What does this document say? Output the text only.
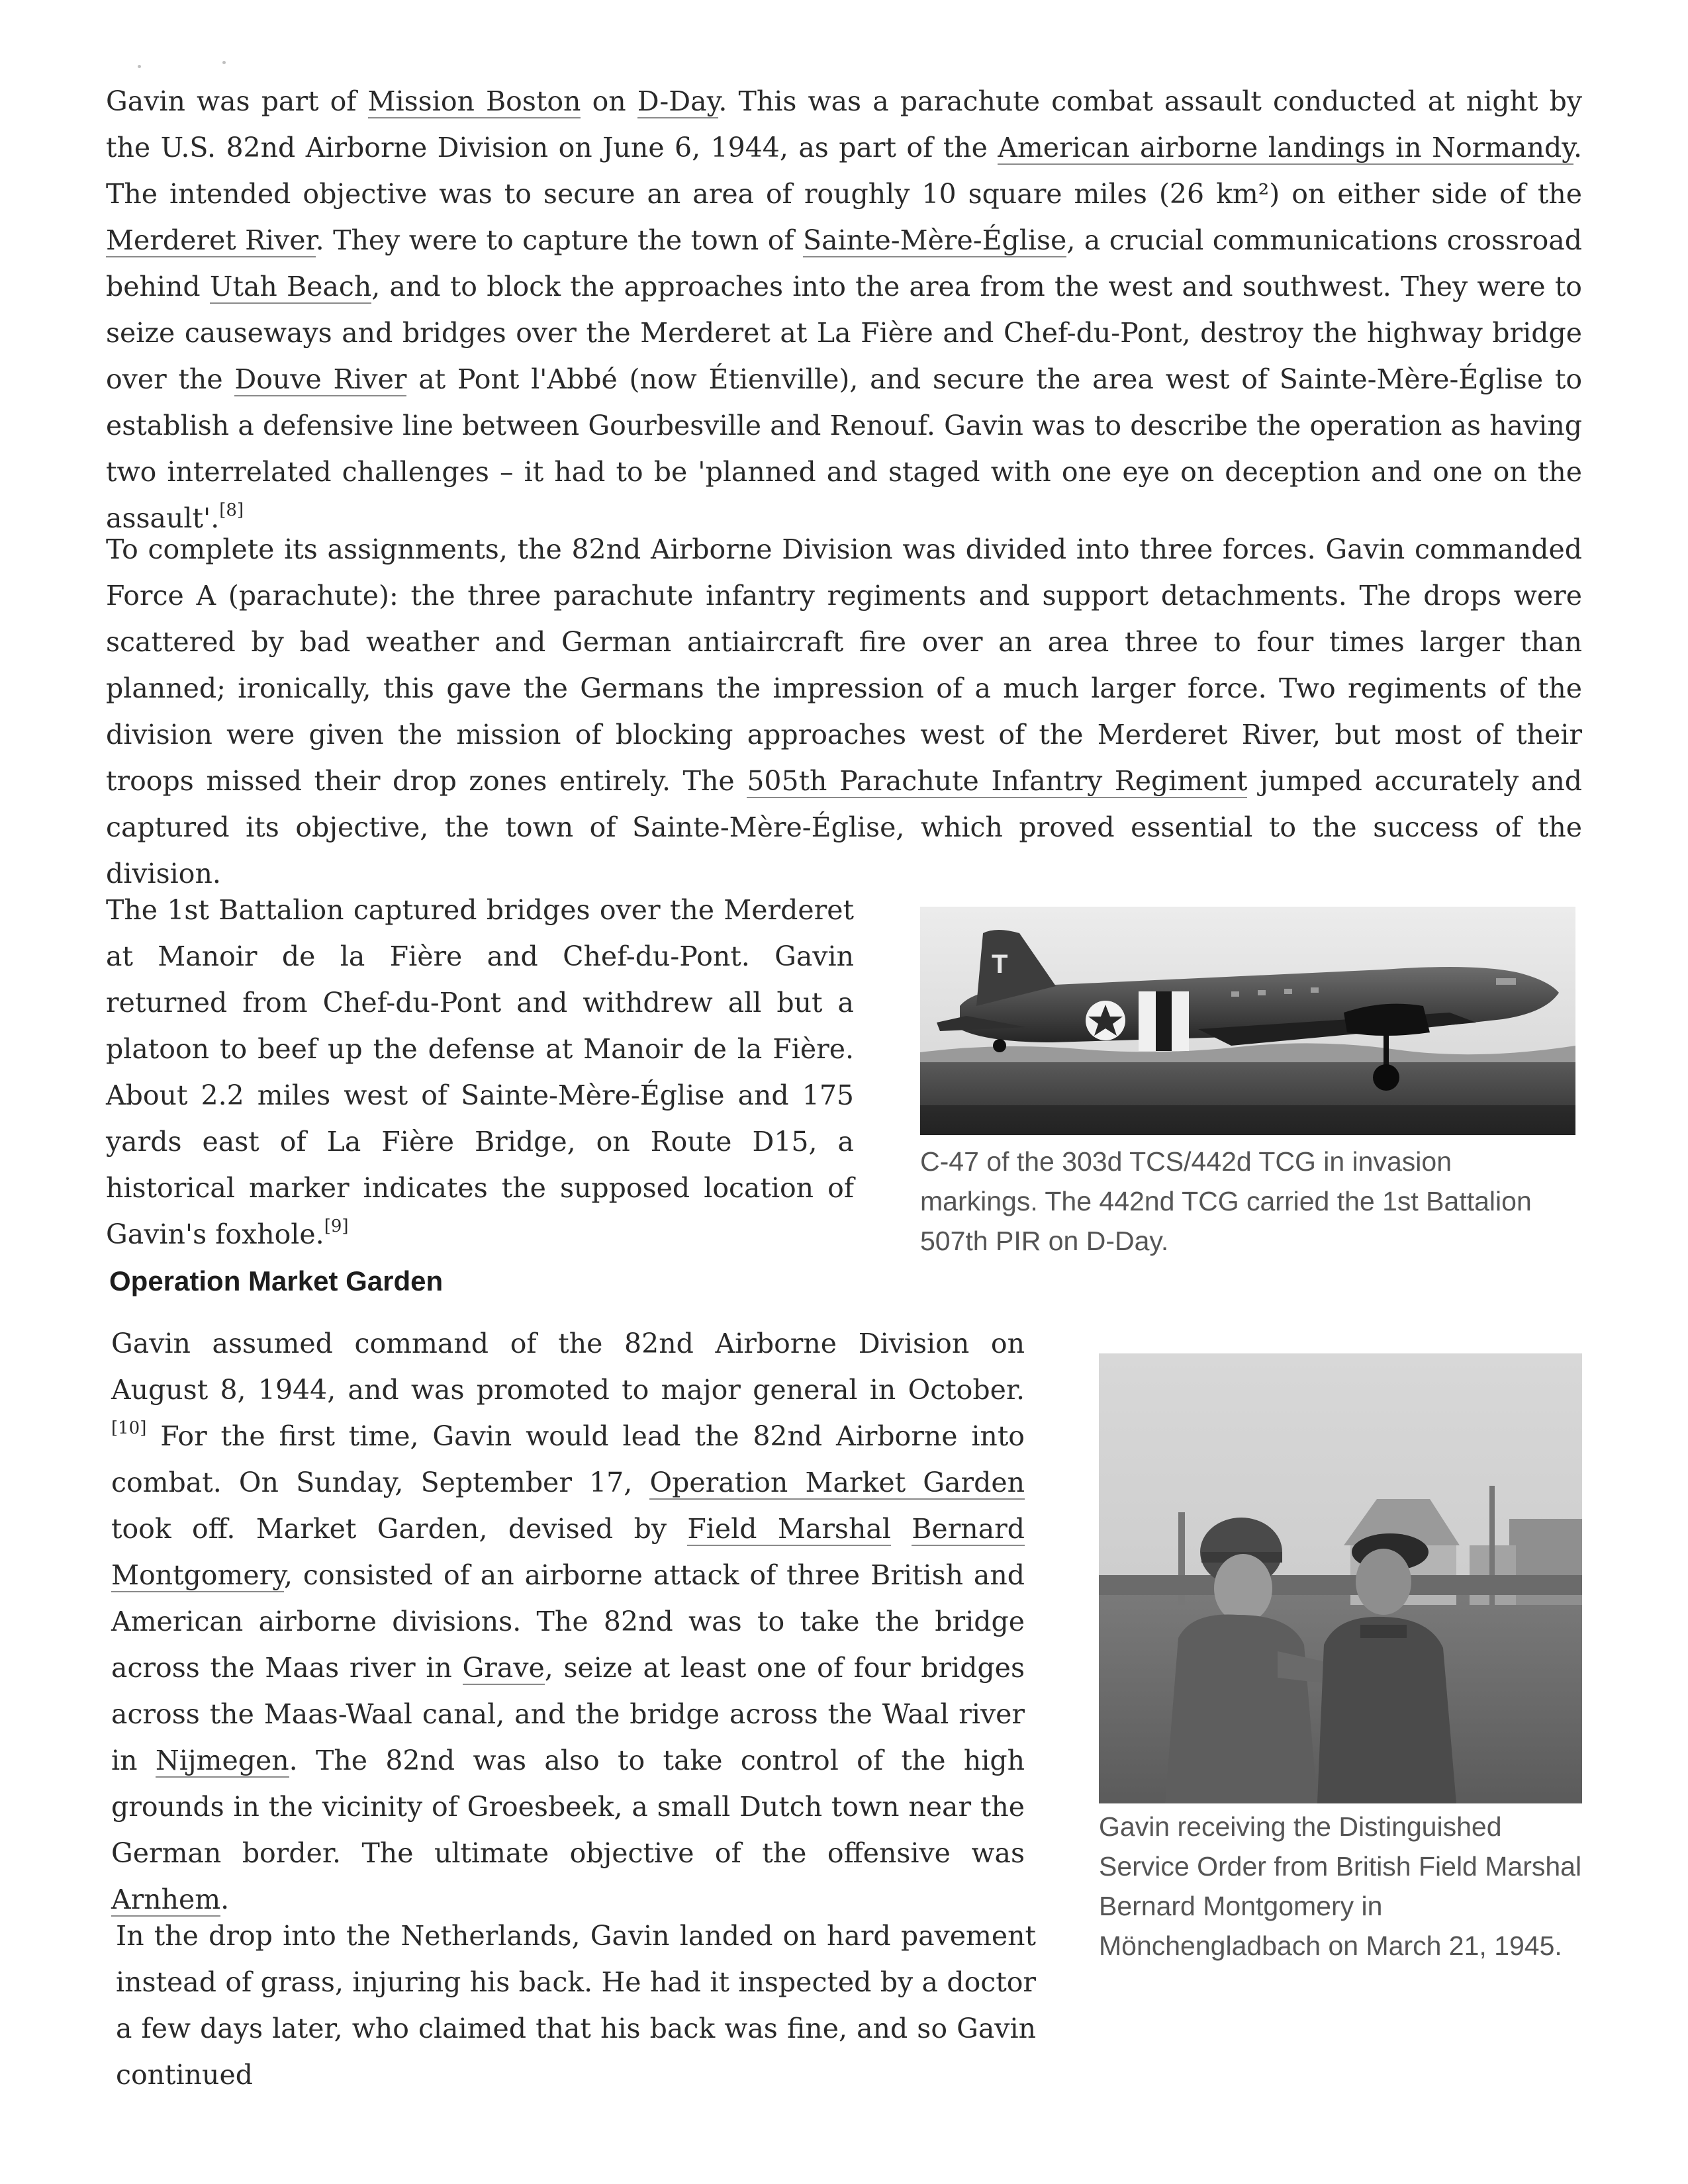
Gavin was part of Mission Boston on D-Day. This was a parachute combat assault conducted at night by the U.S. 82nd Airborne Division on June 6, 1944, as part of the American airborne landings in Normandy. The intended objective was to secure an area of roughly 10 square miles (26 km²) on either side of the Merderet River. They were to capture the town of Sainte-Mère-Église, a crucial communications crossroad behind Utah Beach, and to block the approaches into the area from the west and southwest. They were to seize causeways and bridges over the Merderet at La Fière and Chef-du-Pont, destroy the highway bridge over the Douve River at Pont l'Abbé (now Étienville), and secure the area west of Sainte-Mère-Église to establish a defensive line between Gourbesville and Renouf. Gavin was to describe the operation as having two interrelated challenges – it had to be 'planned and staged with one eye on deception and one on the assault'.[8]

To complete its assignments, the 82nd Airborne Division was divided into three forces. Gavin commanded Force A (parachute): the three parachute infantry regiments and support detachments. The drops were scattered by bad weather and German antiaircraft fire over an area three to four times larger than planned; ironically, this gave the Germans the impression of a much larger force. Two regiments of the division were given the mission of blocking approaches west of the Merderet River, but most of their troops missed their drop zones entirely. The 505th Parachute Infantry Regiment jumped accurately and captured its objective, the town of Sainte-Mère-Église, which proved essential to the success of the division.

The 1st Battalion captured bridges over the Merderet at Manoir de la Fière and Chef-du-Pont. Gavin returned from Chef-du-Pont and withdrew all but a platoon to beef up the defense at Manoir de la Fière. About 2.2 miles west of Sainte-Mère-Église and 175 yards east of La Fière Bridge, on Route D15, a historical marker indicates the supposed location of Gavin's foxhole.[9]

T

C-47 of the 303d TCS/442d TCG in invasion markings. The 442nd TCG carried the 1st Battalion 507th PIR on D-Day.

Operation Market Garden

Gavin assumed command of the 82nd Airborne Division on August 8, 1944, and was promoted to major general in October.[10] For the first time, Gavin would lead the 82nd Airborne into combat. On Sunday, September 17, Operation Market Garden took off. Market Garden, devised by Field Marshal Bernard Montgomery, consisted of an airborne attack of three British and American airborne divisions. The 82nd was to take the bridge across the Maas river in Grave, seize at least one of four bridges across the Maas-Waal canal, and the bridge across the Waal river in Nijmegen. The 82nd was also to take control of the high grounds in the vicinity of Groesbeek, a small Dutch town near the German border. The ultimate objective of the offensive was Arnhem.

Gavin receiving the Distinguished Service Order from British Field Marshal Bernard Montgomery in Mönchengladbach on March 21, 1945.

In the drop into the Netherlands, Gavin landed on hard pavement instead of grass, injuring his back. He had it inspected by a doctor a few days later, who claimed that his back was fine, and so Gavin continued
